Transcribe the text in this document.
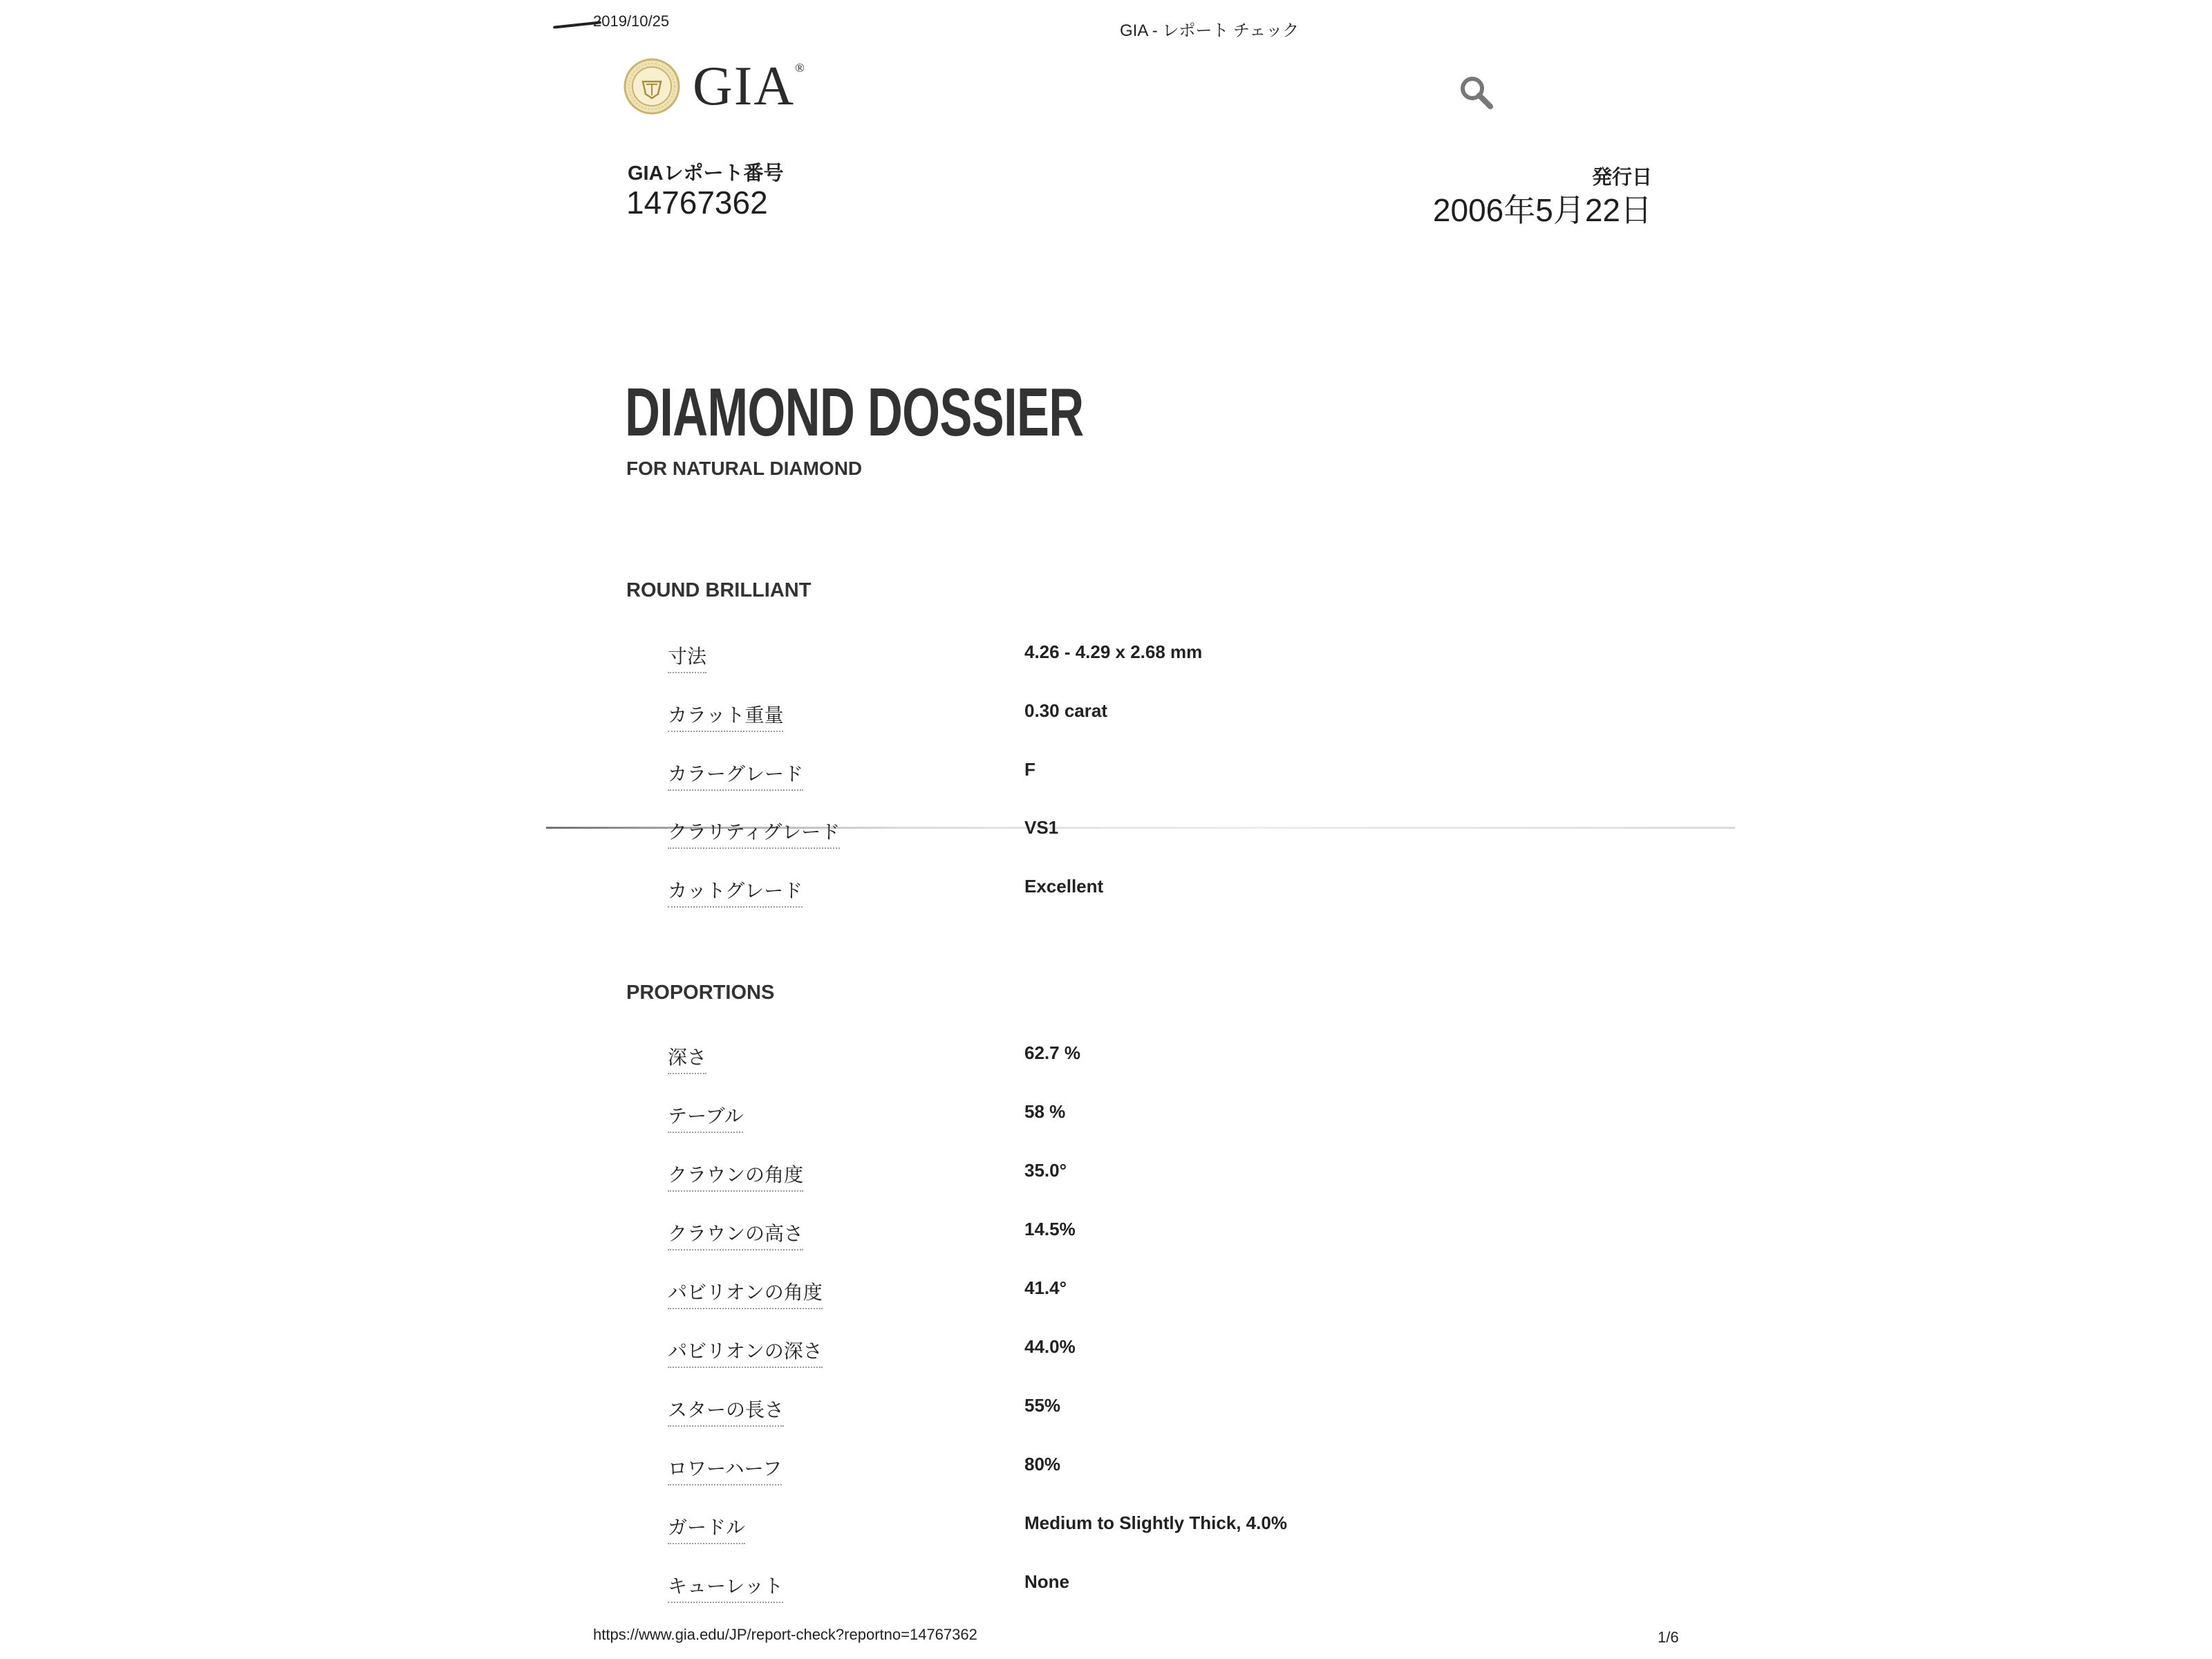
2019/10/25
GIA - レポート チェック
GIA®
GIAレポート番号
14767362
発行日
2006年5月22日
DIAMOND DOSSIER
FOR NATURAL DIAMOND
ROUND BRILLIANT
寸法	4.26 - 4.29 x 2.68 mm
カラット重量	0.30 carat
カラーグレード	F
クラリティグレード	VS1
カットグレード	Excellent
PROPORTIONS
深さ	62.7 %
テーブル	58 %
クラウンの角度	35.0°
クラウンの高さ	14.5%
パビリオンの角度	41.4°
パビリオンの深さ	44.0%
スターの長さ	55%
ロワーハーフ	80%
ガードル	Medium to Slightly Thick, 4.0%
キューレット	None
https://www.gia.edu/JP/report-check?reportno=14767362	1/6
